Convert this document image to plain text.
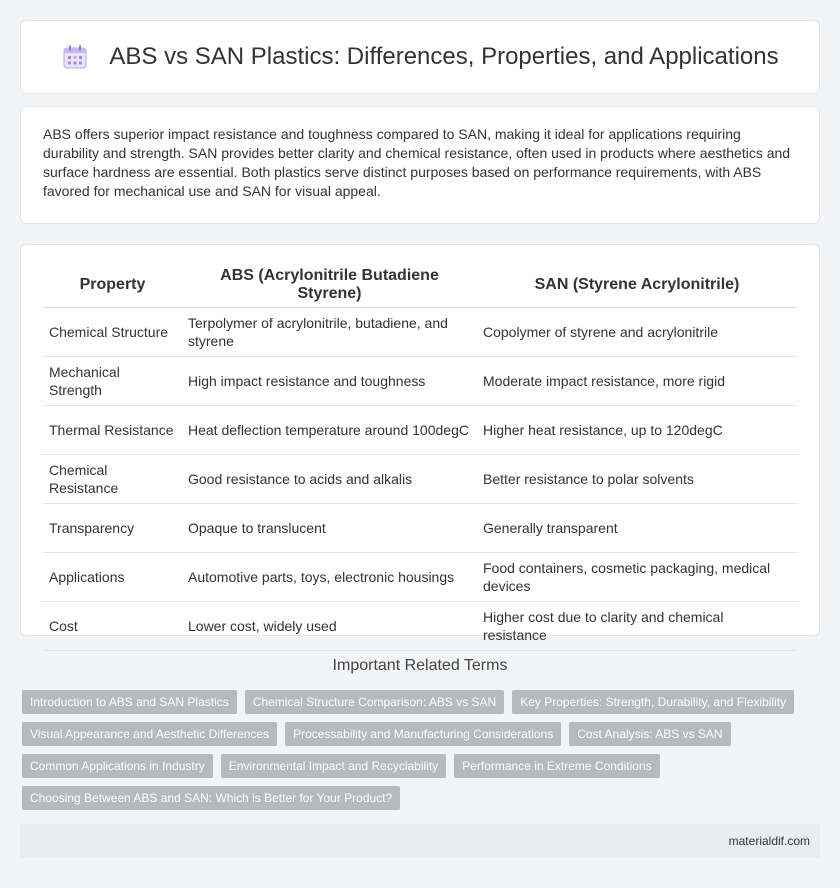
ABS vs SAN Plastics: Differences, Properties, and Applications

ABS offers superior impact resistance and toughness compared to SAN, making it ideal for applications requiring durability and strength. SAN provides better clarity and chemical resistance, often used in products where aesthetics and surface hardness are essential. Both plastics serve distinct purposes based on performance requirements, with ABS favored for mechanical use and SAN for visual appeal.

Property	ABS (Acrylonitrile Butadiene Styrene)	SAN (Styrene Acrylonitrile)
Chemical Structure	Terpolymer of acrylonitrile, butadiene, and styrene	Copolymer of styrene and acrylonitrile
Mechanical Strength	High impact resistance and toughness	Moderate impact resistance, more rigid
Thermal Resistance	Heat deflection temperature around 100degC	Higher heat resistance, up to 120degC
Chemical Resistance	Good resistance to acids and alkalis	Better resistance to polar solvents
Transparency	Opaque to translucent	Generally transparent
Applications	Automotive parts, toys, electronic housings	Food containers, cosmetic packaging, medical devices
Cost	Lower cost, widely used	Higher cost due to clarity and chemical resistance
Important Related Terms
Introduction to ABS and SAN Plastics	Chemical Structure Comparison: ABS vs SAN	Key Properties: Strength, Durability, and Flexibility
Visual Appearance and Aesthetic Differences	Processability and Manufacturing Considerations	Cost Analysis: ABS vs SAN
Common Applications in Industry	Environmental Impact and Recyclability	Performance in Extreme Conditions
Choosing Between ABS and SAN: Which is Better for Your Product?
materialdif.com
